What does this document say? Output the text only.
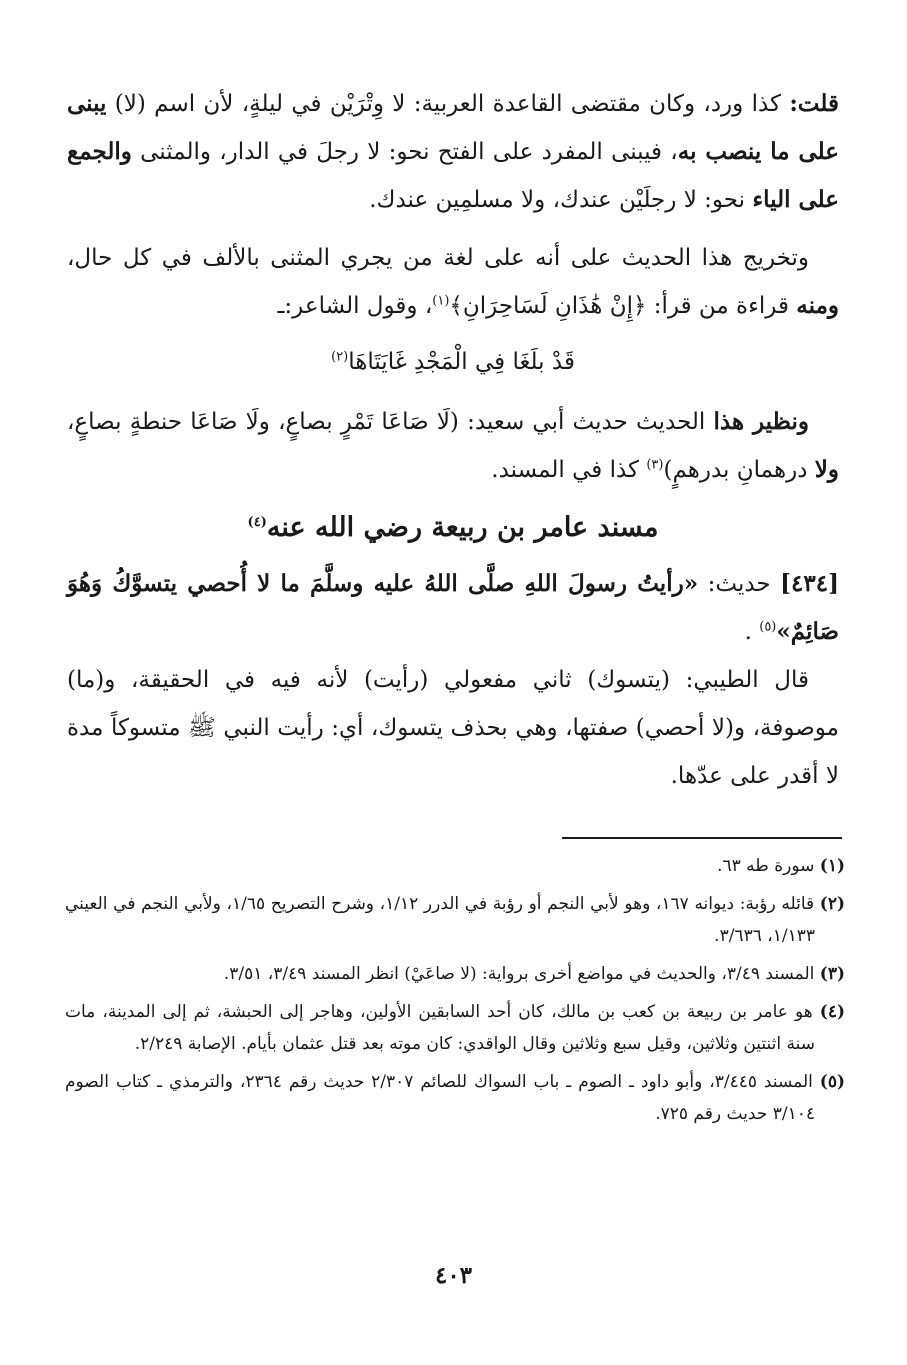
قلت: كذا ورد، وكان مقتضى القاعدة العربية: لا وِتْرَيْن في ليلةٍ، لأن اسم (لا) يبنى على ما ينصب به، فيبنى المفرد على الفتح نحو: لا رجلَ في الدار، والمثنى والجمع على الياء نحو: لا رجلَيْن عندك، ولا مسلمِين عندك.

وتخريج هذا الحديث على أنه على لغة من يجري المثنى بالألف في كل حال، ومنه قراءة من قرأ: ﴿إِنْ هَٰذَانِ لَسَاحِرَانِ﴾$^{(١)}$، وقول الشاعر:ـ

قَدْ بلَغَا فِي الْمَجْدِ غَايَتَاهَا$^{(٢)}$

ونظير هذا الحديث حديث أبي سعيد: (لَا صَاعَا تَمْرٍ بصاعٍ، ولَا صَاعَا حنطةٍ بصاعٍ، ولا درهمانِ بدرهمٍ)$^{(٣)}$ كذا في المسند.

مسند عامر بن ربيعة رضي الله عنه$^{(٤)}$

[٤٣٤] حديث: «رأيتُ رسولَ اللهِ صلَّى اللهُ عليه وسلَّمَ ما لا أُحصي يتسوَّكُ وَهُوَ صَائِمٌ»$^{(٥)}$ .

قال الطيبي: (يتسوك) ثاني مفعولي (رأيت) لأنه فيه في الحقيقة، و(ما) موصوفة، و(لا أحصي) صفتها، وهي بحذف يتسوك، أي: رأيت النبي ﷺ متسوكاً مدة لا أقدر على عدّها.

(١) سورة طه ٦٣.

(٢) قائله رؤبة: ديوانه ١٦٧، وهو لأبي النجم أو رؤبة في الدرر ١/١٢، وشرح التصريح ١/٦٥، ولأبي النجم في العيني ١/١٣٣، ٣/٦٣٦.

(٣) المسند ٣/٤٩، والحديث في مواضع أخرى برواية: (لا صاعَيْ) انظر المسند ٣/٤٩، ٣/٥١.

(٤) هو عامر بن ربيعة بن كعب بن مالك، كان أحد السابقين الأولين، وهاجر إلى الحبشة، ثم إلى المدينة، مات سنة اثنتين وثلاثين، وقيل سبع وثلاثين وقال الواقدي: كان موته بعد قتل عثمان بأيام. الإصابة ٢/٢٤٩.

(٥) المسند ٣/٤٤٥، وأبو داود ـ الصوم ـ باب السواك للصائم ٢/٣٠٧ حديث رقم ٢٣٦٤، والترمذي ـ كتاب الصوم ٣/١٠٤ حديث رقم ٧٢٥.

٤٠٣
